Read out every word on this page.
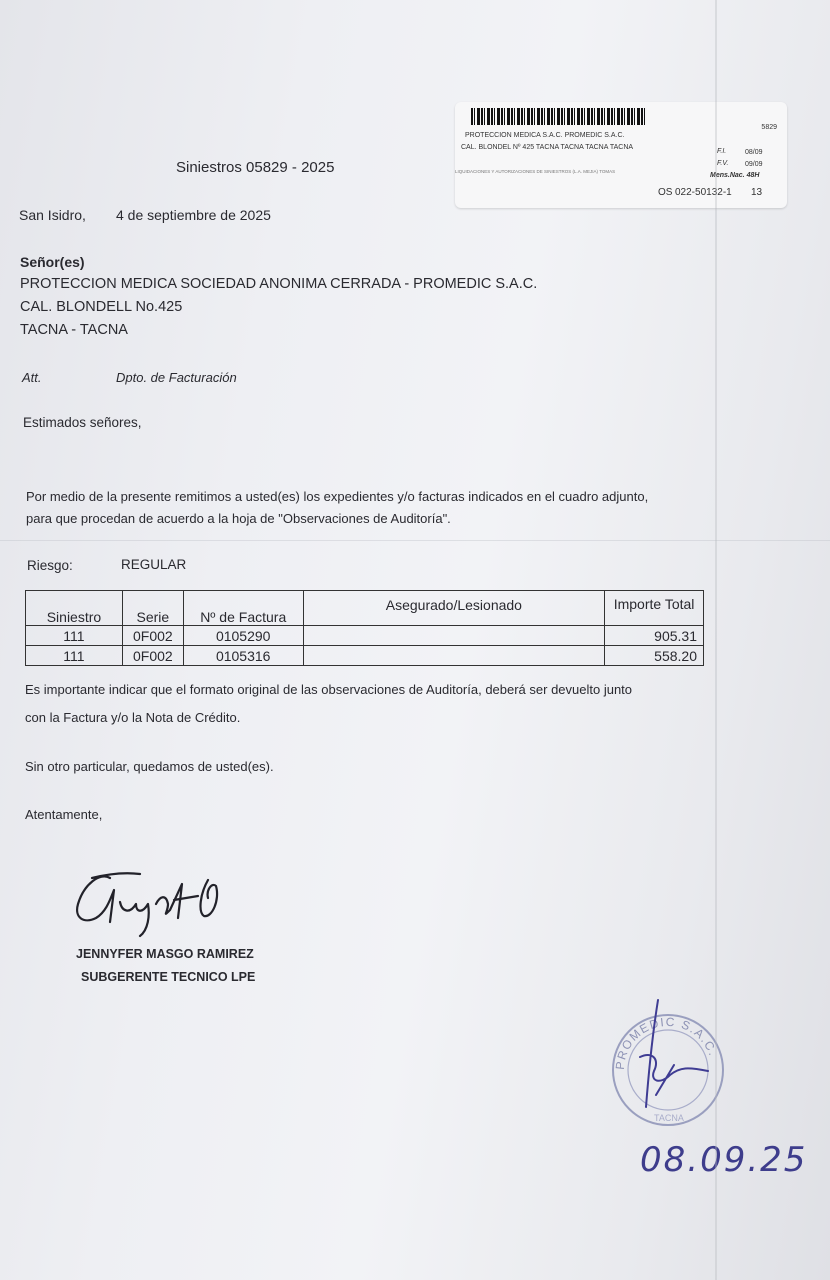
5829
PROTECCION MEDICA S.A.C. PROMEDIC S.A.C.
CAL. BLONDEL Nº 425 TACNA TACNA TACNA TACNA
F.I.	08/09
F.V. 09/09
LIQUIDACIONES Y AUTORIZACIONES DE SINIESTROS (L.A. MEJIA) TOMAS
Mens.Nac. 48H
OS 022-50132-1 13
Siniestros 05829 - 2025
San Isidro, 4 de septiembre de 2025
Señor(es)
PROTECCION MEDICA SOCIEDAD ANONIMA CERRADA - PROMEDIC S.A.C.
CAL. BLONDELL No.425
TACNA - TACNA
Att.	Dpto. de Facturación
Estimados señores,
Por medio de la presente remitimos a usted(es) los expedientes y/o facturas indicados en el cuadro adjunto,
para que procedan de acuerdo a la hoja de "Observaciones de Auditoría".
Riesgo:	REGULAR
Siniestro	Serie	Nº de Factura	Asegurado/Lesionado	Importe Total
111	0F002	0105290		905.31
111	0F002	0105316		558.20
Es importante indicar que el formato original de las observaciones de Auditoría, deberá ser devuelto junto
con la Factura y/o la Nota de Crédito.
Sin otro particular, quedamos de usted(es).
Atentamente,
JENNYFER MASGO RAMIREZ
SUBGERENTE TECNICO LPE
PROMEDIC S.A.C.
TACNA
08.09.25
